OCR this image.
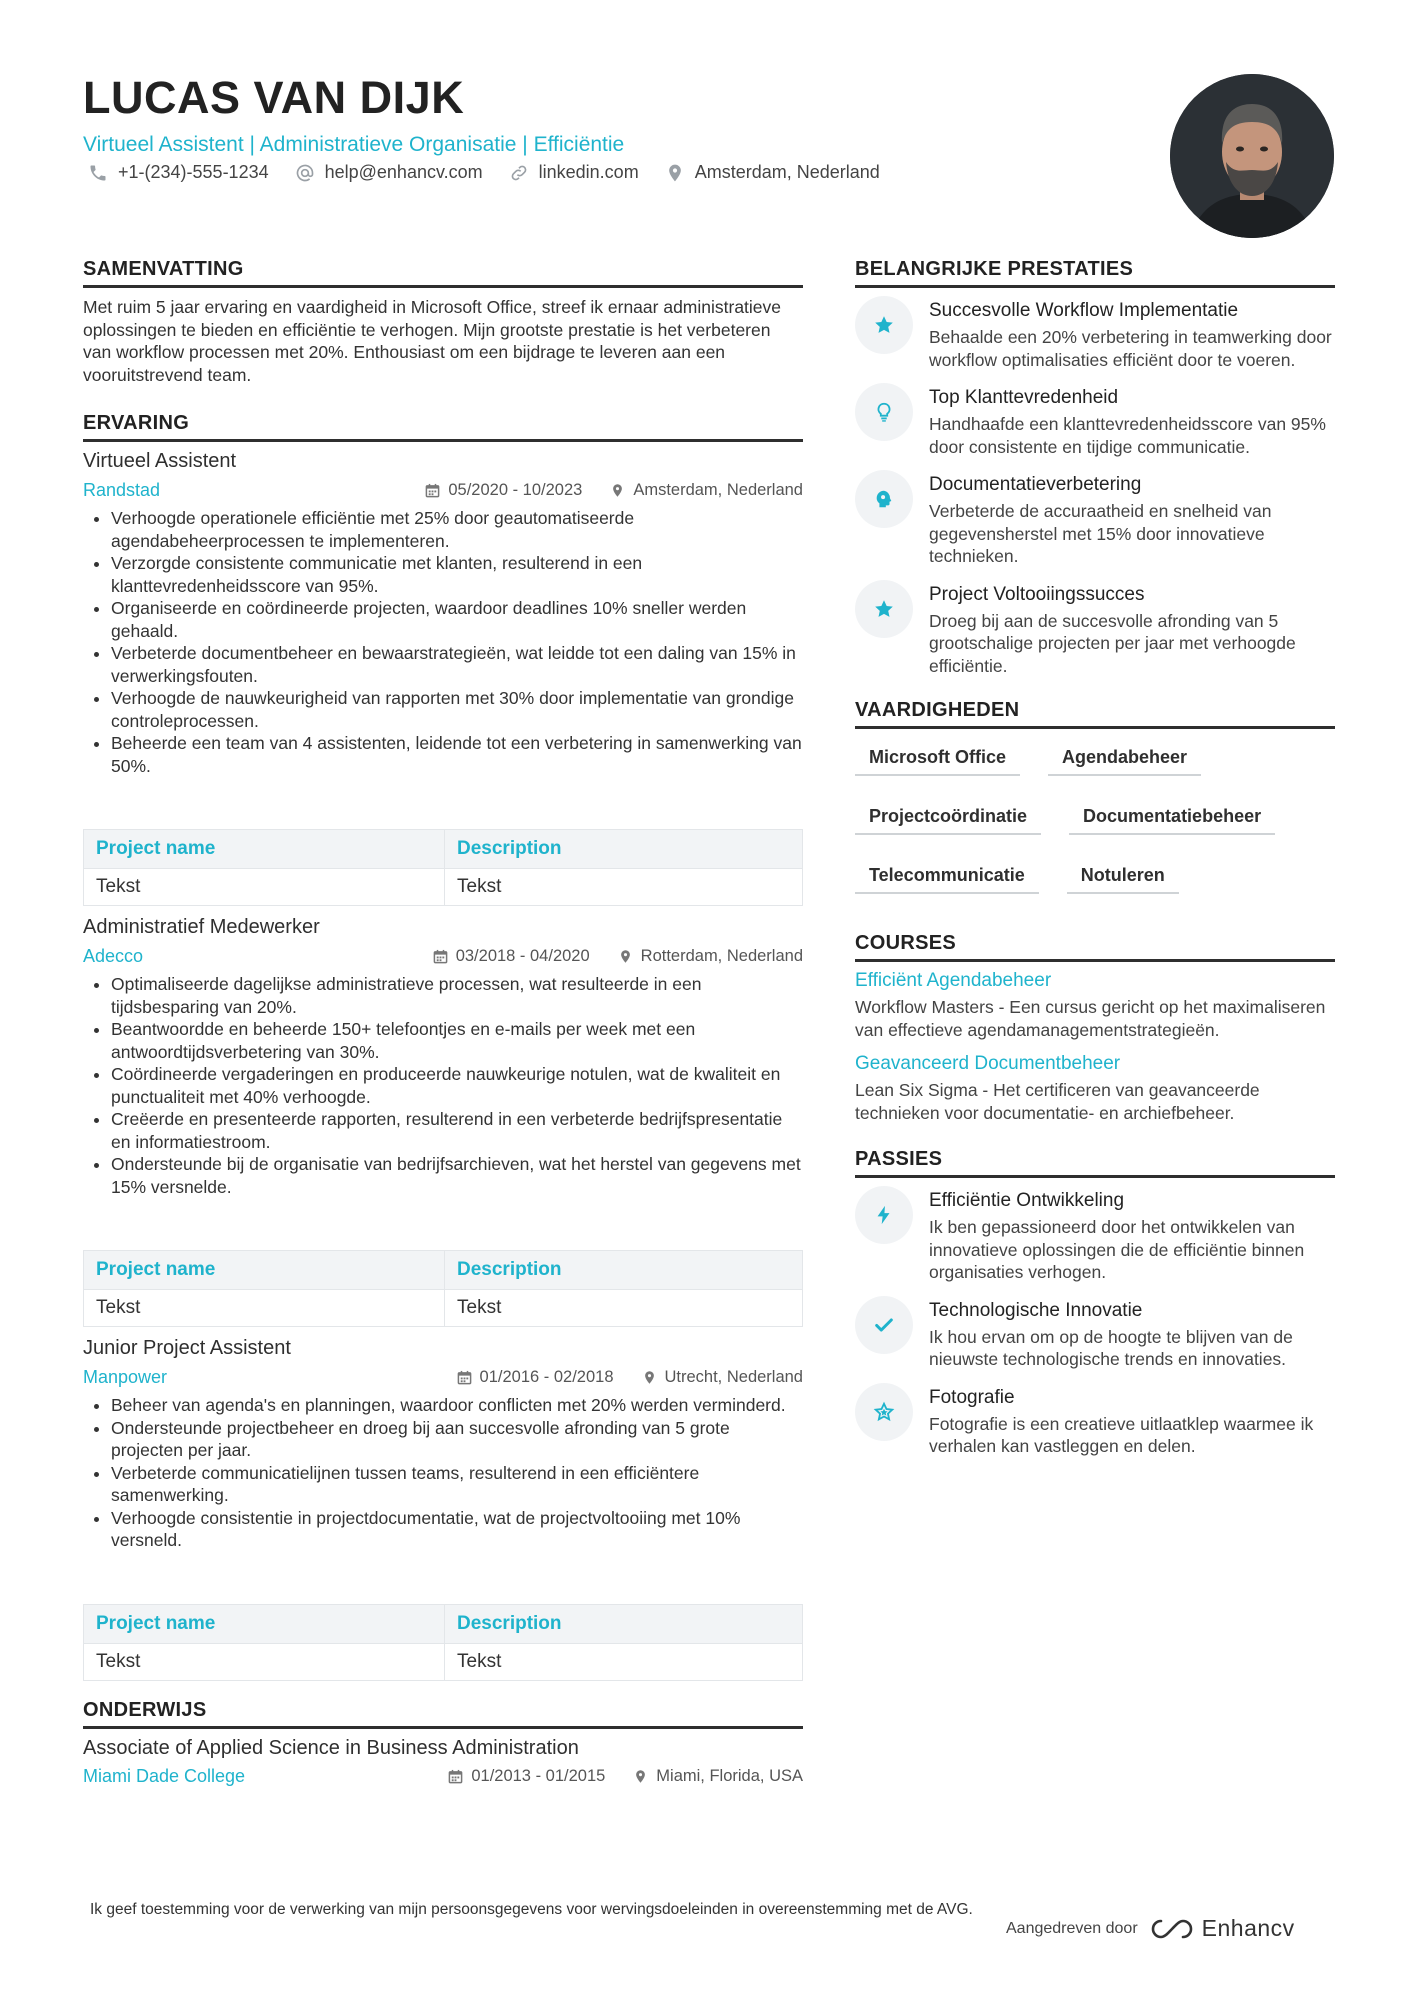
LUCAS VAN DIJK
Virtueel Assistent | Administratieve Organisatie | Efficiëntie
+1-(234)-555-1234	help@enhancv.com	linkedin.com	Amsterdam, Nederland
SAMENVATTING

Met ruim 5 jaar ervaring en vaardigheid in Microsoft Office, streef ik ernaar administratieve oplossingen te bieden en efficiëntie te verhogen. Mijn grootste prestatie is het verbeteren van workflow processen met 20%. Enthousiast om een bijdrage te leveren aan een vooruitstrevend team.

ERVARING
Virtueel Assistent
Randstad	05/2020 - 10/2023	Amsterdam, Nederland
• Verhoogde operationele efficiëntie met 25% door geautomatiseerde agendabeheerprocessen te implementeren.
• Verzorgde consistente communicatie met klanten, resulterend in een klanttevredenheidsscore van 95%.
• Organiseerde en coördineerde projecten, waardoor deadlines 10% sneller werden gehaald.
• Verbeterde documentbeheer en bewaarstrategieën, wat leidde tot een daling van 15% in verwerkingsfouten.
• Verhoogde de nauwkeurigheid van rapporten met 30% door implementatie van grondige controleprocessen.
• Beheerde een team van 4 assistenten, leidende tot een verbetering in samenwerking van 50%.
Project name	Description
Tekst	Tekst
Administratief Medewerker
Adecco	03/2018 - 04/2020	Rotterdam, Nederland
• Optimaliseerde dagelijkse administratieve processen, wat resulteerde in een tijdsbesparing van 20%.
• Beantwoordde en beheerde 150+ telefoontjes en e-mails per week met een antwoordtijdsverbetering van 30%.
• Coördineerde vergaderingen en produceerde nauwkeurige notulen, wat de kwaliteit en punctualiteit met 40% verhoogde.
• Creëerde en presenteerde rapporten, resulterend in een verbeterde bedrijfspresentatie en informatiestroom.
• Ondersteunde bij de organisatie van bedrijfsarchieven, wat het herstel van gegevens met 15% versnelde.
Project name	Description
Tekst	Tekst
Junior Project Assistent
Manpower	01/2016 - 02/2018	Utrecht, Nederland
• Beheer van agenda's en planningen, waardoor conflicten met 20% werden verminderd.
• Ondersteunde projectbeheer en droeg bij aan succesvolle afronding van 5 grote projecten per jaar.
• Verbeterde communicatielijnen tussen teams, resulterend in een efficiëntere samenwerking.
• Verhoogde consistentie in projectdocumentatie, wat de projectvoltooiing met 10% versneld.
Project name	Description
Tekst	Tekst
ONDERWIJS
Associate of Applied Science in Business Administration
Miami Dade College	01/2013 - 01/2015	Miami, Florida, USA
BELANGRIJKE PRESTATIES
Succesvolle Workflow Implementatie
Behaalde een 20% verbetering in teamwerking door workflow optimalisaties efficiënt door te voeren.
Top Klanttevredenheid
Handhaafde een klanttevredenheidsscore van 95% door consistente en tijdige communicatie.
Documentatieverbetering
Verbeterde de accuraatheid en snelheid van gegevensherstel met 15% door innovatieve technieken.
Project Voltooiingssucces
Droeg bij aan de succesvolle afronding van 5 grootschalige projecten per jaar met verhoogde efficiëntie.
VAARDIGHEDEN
Microsoft Office	Agendabeheer
Projectcoördinatie	Documentatiebeheer
Telecommunicatie	Notuleren
COURSES
Efficiënt Agendabeheer
Workflow Masters - Een cursus gericht op het maximaliseren van effectieve agendamanagementstrategieën.
Geavanceerd Documentbeheer
Lean Six Sigma - Het certificeren van geavanceerde technieken voor documentatie- en archiefbeheer.
PASSIES
Efficiëntie Ontwikkeling
Ik ben gepassioneerd door het ontwikkelen van innovatieve oplossingen die de efficiëntie binnen organisaties verhogen.
Technologische Innovatie
Ik hou ervan om op de hoogte te blijven van de nieuwste technologische trends en innovaties.
Fotografie
Fotografie is een creatieve uitlaatklep waarmee ik verhalen kan vastleggen en delen.
Ik geef toestemming voor de verwerking van mijn persoonsgegevens voor wervingsdoeleinden in overeenstemming met de AVG.
Aangedreven door	Enhancv
